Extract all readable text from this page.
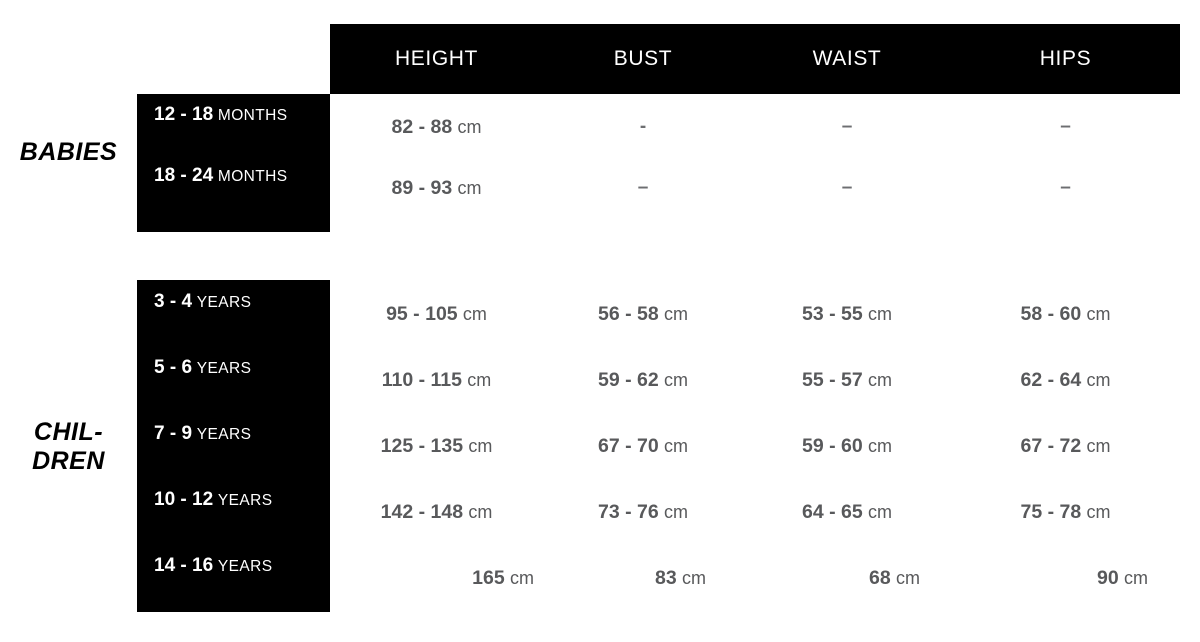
HEIGHT	BUST	WAIST	HIPS
BABIES
12 - 18 MONTHS
82 - 88 cm	-	–	–
18 - 24 MONTHS
89 - 93 cm	–	–	–
CHIL-
DREN
3 - 4 YEARS
95 - 105 cm	56 - 58 cm	53 - 55 cm	58 - 60 cm
5 - 6 YEARS
110 - 115 cm	59 - 62 cm	55 - 57 cm	62 - 64 cm
7 - 9 YEARS
125 - 135 cm	67 - 70 cm	59 - 60 cm	67 - 72 cm
10 - 12 YEARS
142 - 148 cm	73 - 76 cm	64 - 65 cm	75 - 78 cm
14 - 16 YEARS
165 cm	83 cm	68 cm	90 cm
